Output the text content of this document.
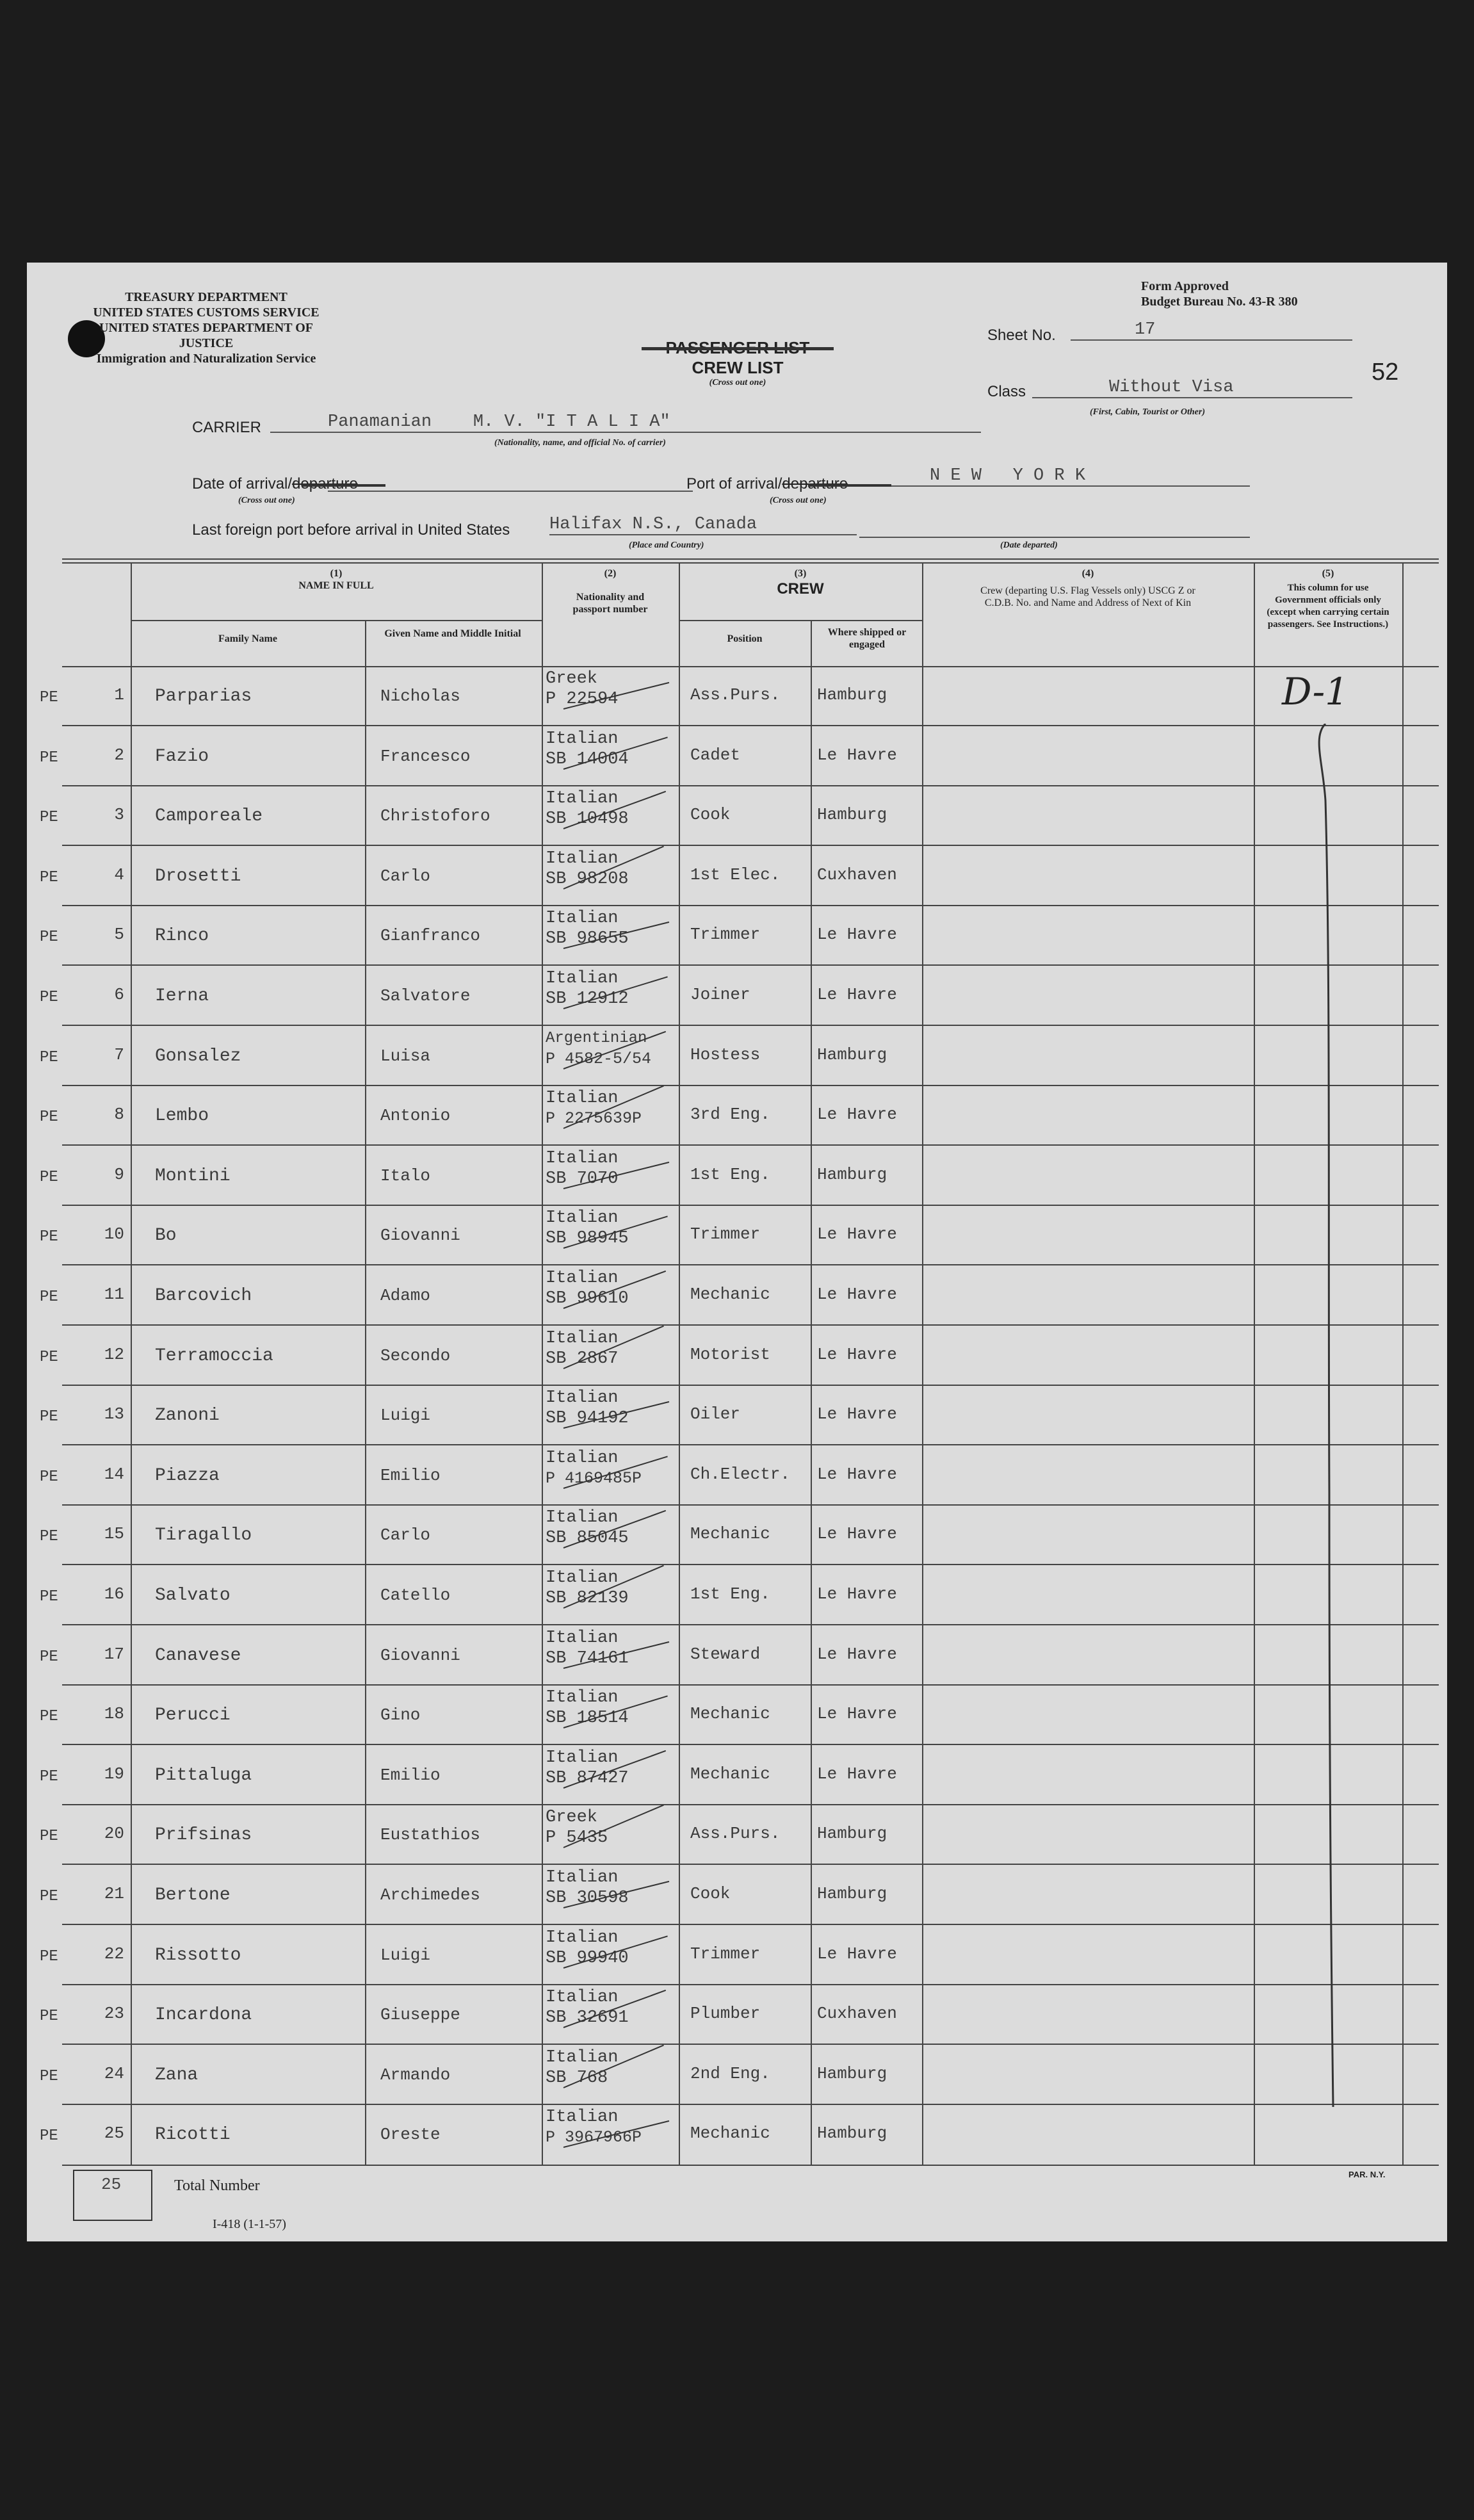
TREASURY DEPARTMENT
UNITED STATES CUSTOMS SERVICE
UNITED STATES DEPARTMENT OF JUSTICE
Immigration and Naturalization Service
Form Approved
Budget Bureau No. 43-R 380
PASSENGER LIST
CREW LIST
(Cross out one)
Sheet No.	17
52
Class	Without Visa
(First, Cabin, Tourist or Other)
CARRIER	Panamanian    M. V. "I T A L I A"
(Nationality, name, and official No. of carrier)
Date of arrival/departure
(Cross out one)
Port of arrival/departure	N E W   Y O R K
(Cross out one)
Last foreign port before arrival in United States Halifax N.S., Canada
(Place and Country)	(Date departed)
(1)
NAME IN FULL
Family Name	Given Name and Middle Initial
(2)
Nationality and passport number
(3)
CREW
Position
Where shipped or engaged
(4)
Crew (departing U.S. Flag Vessels only) USCG Z or C.D.B. No. and Name and Address of Next of Kin
(5)
This column for use Government officials only (except when carrying certain passengers. See Instructions.)
PE	1 Parparias	Nicholas
Greek
P 22594	Ass.Purs. Hamburg
PE	2 Fazio	Francesco
Italian
SB 14004	Cadet	Le Havre
PE	3 Camporeale	Christoforo
Italian
SB 10498	Cook	Hamburg
PE	4 Drosetti	Carlo
Italian
SB 98208	1st Elec. Cuxhaven
PE	5 Rinco	Gianfranco
Italian
SB 98655	Trimmer	Le Havre
PE	6 Ierna	Salvatore
Italian
SB 12912	Joiner	Le Havre
PE	7 Gonsalez	Luisa
Argentinian
P 4582-5/54 Hostess	Hamburg
PE	8 Lembo	Antonio
Italian
P 2275639P	3rd Eng.	Le Havre
PE	9 Montini	Italo
Italian
SB 7070	1st Eng.	Hamburg
PE	10 Bo	Giovanni
Italian
SB 98945	Trimmer	Le Havre
PE	11 Barcovich	Adamo
Italian
SB 99610	Mechanic	Le Havre
PE	12 Terramoccia	Secondo
Italian
SB 2867	Motorist	Le Havre
PE	13 Zanoni	Luigi
Italian
SB 94192	Oiler	Le Havre
PE	14 Piazza	Emilio
Italian
P 4169485P	Ch.Electr. Le Havre
PE	15 Tiragallo	Carlo
Italian
SB 85045	Mechanic	Le Havre
PE	16 Salvato	Catello
Italian
SB 82139	1st Eng.	Le Havre
PE	17 Canavese	Giovanni
Italian
SB 74161	Steward	Le Havre
PE	18 Perucci	Gino
Italian
SB 18514	Mechanic	Le Havre
PE	19 Pittaluga	Emilio
Italian
SB 87427	Mechanic	Le Havre
PE	20 Prifsinas	Eustathios
Greek
P 5435	Ass.Purs. Hamburg
PE	21 Bertone	Archimedes
Italian
SB 30598	Cook	Hamburg
PE	22 Rissotto	Luigi
Italian
SB 99940	Trimmer	Le Havre
PE	23 Incardona	Giuseppe
Italian
SB 32691	Plumber	Cuxhaven
PE	24 Zana	Armando
Italian
SB 768	2nd Eng.	Hamburg
PE	25 Ricotti	Oreste
Italian
P 3967966P	Mechanic	Hamburg
D-1
25	Total Number
I-418 (1-1-57)
PAR. N.Y.
